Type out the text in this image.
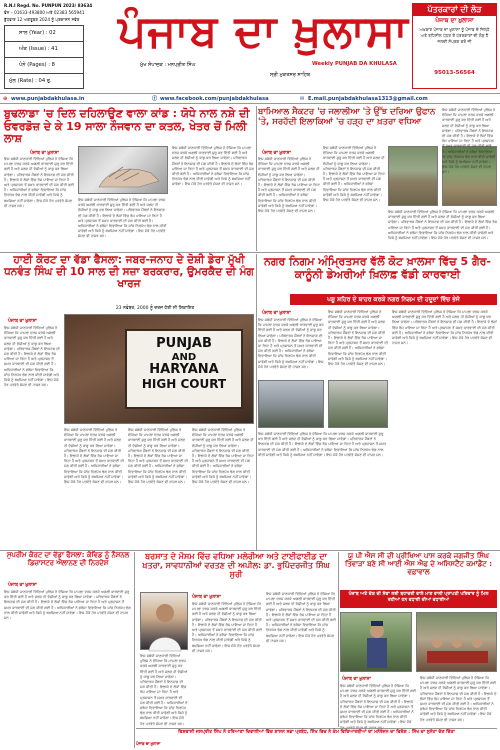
R.N.I Regd. No. PUNPUN 2023/ 83634
ਫੋਨ – 01633-493800 ਅਤੇ 02383 565941
ਬੁੱਧਵਾਰ 12 ਅਕਤੂਬਰ 2024 ਨੂੰ ਪ੍ਰਕਾਸ਼ਨ ਸਵੇਰ
ਸਾਲ (Year) : 02
ਅੰਕ (Issue) : 41
ਪੰਨੇ (Pages) : 8
ਮੁੱਲ (Rate) : 04 ਰੁ.
ਪੰਜਾਬ ਦਾ ਖ਼ੁਲਾਸਾ
ਮੁੱਖ ਸੰਪਾਦਕ : ਮਨਪ੍ਰੀਤ ਸਿੰਘ	Weekly PUNJAB DA KHULASA
ਸ੍ਰੀ ਮੁਕਤਸਰ ਸਾਹਿਬ
ਪੱਤਰਕਾਰਾਂ ਦੀ ਲੋੜ
ਪੰਜਾਬ ਦਾ ਖ਼ੁਲਾਸਾ
ਅਖ਼ਬਾਰ ਪੰਜਾਬ ਦਾ ਖ਼ੁਲਾਸਾ ਨੂੰ ਪੰਜਾਬ ਦੇ ਜ਼ਿਲ੍ਹੇ ਅਤੇ ਤਹਿਸੀਲ ਪੱਧਰ ਤੇ ਪੱਤਰਕਾਰਾਂ ਦੀ ਲੋੜ ਹੈ ਜਲਦੀ ਸੰਪਰਕ ਕਰੋ ਜੀ
95013-56564
⊕ www.punjabdakhulasa.in	ⓕ www.facebook.com/punjabdakhulasa	✉ E.mail.punjabdakhulasa1313@gmail.com
ਬੁਢਲਾਡਾ 'ਚ ਦਿਲ ਦਹਿਲਾਉਣ ਵਾਲਾ ਕਾਂਡ : ਯੋਧੇ ਨਾਲ ਨਸ਼ੇ ਦੀ ਓਵਰਡੋਜ਼ ਦੇ ਕੇ 19 ਸਾਲਾ ਨੌਜਵਾਨ ਦਾ ਕਤਲ, ਖੇਤਰ ਚੋਂ ਮਿਲੀ ਲਾਸ਼
ਪੰਜਾਬ ਦਾ ਖ਼ੁਲਾਸਾ
ਇਸ ਸਬੰਧੀ ਜਾਣਕਾਰੀ ਦਿੰਦਿਆਂ ਪੁਲਿਸ ਨੇ ਦੱਸਿਆ ਕਿ ਮਾਮਲਾ ਦਰਜ ਕਰਕੇ ਅਗਲੀ ਕਾਰਵਾਈ ਸ਼ੁਰੂ ਕਰ ਦਿੱਤੀ ਗਈ ਹੈ ਅਤੇ ਜਲਦ ਹੀ ਦੋਸ਼ੀਆਂ ਨੂੰ ਕਾਬੂ ਕਰ ਲਿਆ ਜਾਵੇਗਾ। ਪਰਿਵਾਰਕ ਮੈਂਬਰਾਂ ਨੇ ਇਨਸਾਫ਼ ਦੀ ਮੰਗ ਕੀਤੀ ਹੈ। ਇਲਾਕੇ ਦੇ ਲੋਕਾਂ ਵਿੱਚ ਰੋਸ ਪਾਇਆ ਜਾ ਰਿਹਾ ਹੈ ਅਤੇ ਪ੍ਰਸ਼ਾਸਨ ਤੋਂ ਸਖ਼ਤ ਕਾਰਵਾਈ ਦੀ ਮੰਗ ਕੀਤੀ ਗਈ ਹੈ। ਅਧਿਕਾਰੀਆਂ ਨੇ ਭਰੋਸਾ ਦਿਵਾਇਆ ਕਿ ਜਾਂਚ ਨਿਰਪੱਖ ਢੰਗ ਨਾਲ ਕੀਤੀ ਜਾਵੇਗੀ ਅਤੇ ਕਿਸੇ ਨੂੰ ਬਖ਼ਸ਼ਿਆ ਨਹੀਂ ਜਾਵੇਗਾ। ਇਸ ਮੌਕੇ ਹੋਰ ਪਤਵੰਤੇ ਸੱਜਣ ਵੀ ਹਾਜ਼ਰ ਸਨ।
ਇਸ ਸਬੰਧੀ ਜਾਣਕਾਰੀ ਦਿੰਦਿਆਂ ਪੁਲਿਸ ਨੇ ਦੱਸਿਆ ਕਿ ਮਾਮਲਾ ਦਰਜ ਕਰਕੇ ਅਗਲੀ ਕਾਰਵਾਈ ਸ਼ੁਰੂ ਕਰ ਦਿੱਤੀ ਗਈ ਹੈ ਅਤੇ ਜਲਦ ਹੀ ਦੋਸ਼ੀਆਂ ਨੂੰ ਕਾਬੂ ਕਰ ਲਿਆ ਜਾਵੇਗਾ। ਪਰਿਵਾਰਕ ਮੈਂਬਰਾਂ ਨੇ ਇਨਸਾਫ਼ ਦੀ ਮੰਗ ਕੀਤੀ ਹੈ। ਇਲਾਕੇ ਦੇ ਲੋਕਾਂ ਵਿੱਚ ਰੋਸ ਪਾਇਆ ਜਾ ਰਿਹਾ ਹੈ ਅਤੇ ਪ੍ਰਸ਼ਾਸਨ ਤੋਂ ਸਖ਼ਤ ਕਾਰਵਾਈ ਦੀ ਮੰਗ ਕੀਤੀ ਗਈ ਹੈ। ਅਧਿਕਾਰੀਆਂ ਨੇ ਭਰੋਸਾ ਦਿਵਾਇਆ ਕਿ ਜਾਂਚ ਨਿਰਪੱਖ ਢੰਗ ਨਾਲ ਕੀਤੀ ਜਾਵੇਗੀ ਅਤੇ ਕਿਸੇ ਨੂੰ ਬਖ਼ਸ਼ਿਆ ਨਹੀਂ ਜਾਵੇਗਾ। ਇਸ ਮੌਕੇ ਹੋਰ ਪਤਵੰਤੇ ਸੱਜਣ ਵੀ ਹਾਜ਼ਰ ਸਨ।
ਇਸ ਸਬੰਧੀ ਜਾਣਕਾਰੀ ਦਿੰਦਿਆਂ ਪੁਲਿਸ ਨੇ ਦੱਸਿਆ ਕਿ ਮਾਮਲਾ ਦਰਜ ਕਰਕੇ ਅਗਲੀ ਕਾਰਵਾਈ ਸ਼ੁਰੂ ਕਰ ਦਿੱਤੀ ਗਈ ਹੈ ਅਤੇ ਜਲਦ ਹੀ ਦੋਸ਼ੀਆਂ ਨੂੰ ਕਾਬੂ ਕਰ ਲਿਆ ਜਾਵੇਗਾ। ਪਰਿਵਾਰਕ ਮੈਂਬਰਾਂ ਨੇ ਇਨਸਾਫ਼ ਦੀ ਮੰਗ ਕੀਤੀ ਹੈ। ਇਲਾਕੇ ਦੇ ਲੋਕਾਂ ਵਿੱਚ ਰੋਸ ਪਾਇਆ ਜਾ ਰਿਹਾ ਹੈ ਅਤੇ ਪ੍ਰਸ਼ਾਸਨ ਤੋਂ ਸਖ਼ਤ ਕਾਰਵਾਈ ਦੀ ਮੰਗ ਕੀਤੀ ਗਈ ਹੈ। ਅਧਿਕਾਰੀਆਂ ਨੇ ਭਰੋਸਾ ਦਿਵਾਇਆ ਕਿ ਜਾਂਚ ਨਿਰਪੱਖ ਢੰਗ ਨਾਲ ਕੀਤੀ ਜਾਵੇਗੀ ਅਤੇ ਕਿਸੇ ਨੂੰ ਬਖ਼ਸ਼ਿਆ ਨਹੀਂ ਜਾਵੇਗਾ। ਇਸ ਮੌਕੇ ਹੋਰ ਪਤਵੰਤੇ ਸੱਜਣ ਵੀ ਹਾਜ਼ਰ ਸਨ।
ਬਾਮਿਆਲ ਸੈਕਟਰ 'ਚ ਜਲਾਲੀਆ 'ਤੇ ਉੱਝ ਦਰਿਆ ਉਫਾਨ 'ਤੇ, ਸਰਹੱਦੀ ਇਲਾਕਿਆਂ 'ਚ ਹੜ੍ਹ ਦਾ ਖ਼ਤਰਾ ਵਧਿਆ
ਪੰਜਾਬ ਦਾ ਖ਼ੁਲਾਸਾ
ਇਸ ਸਬੰਧੀ ਜਾਣਕਾਰੀ ਦਿੰਦਿਆਂ ਪੁਲਿਸ ਨੇ ਦੱਸਿਆ ਕਿ ਮਾਮਲਾ ਦਰਜ ਕਰਕੇ ਅਗਲੀ ਕਾਰਵਾਈ ਸ਼ੁਰੂ ਕਰ ਦਿੱਤੀ ਗਈ ਹੈ ਅਤੇ ਜਲਦ ਹੀ ਦੋਸ਼ੀਆਂ ਨੂੰ ਕਾਬੂ ਕਰ ਲਿਆ ਜਾਵੇਗਾ। ਪਰਿਵਾਰਕ ਮੈਂਬਰਾਂ ਨੇ ਇਨਸਾਫ਼ ਦੀ ਮੰਗ ਕੀਤੀ ਹੈ। ਇਲਾਕੇ ਦੇ ਲੋਕਾਂ ਵਿੱਚ ਰੋਸ ਪਾਇਆ ਜਾ ਰਿਹਾ ਹੈ ਅਤੇ ਪ੍ਰਸ਼ਾਸਨ ਤੋਂ ਸਖ਼ਤ ਕਾਰਵਾਈ ਦੀ ਮੰਗ ਕੀਤੀ ਗਈ ਹੈ। ਅਧਿਕਾਰੀਆਂ ਨੇ ਭਰੋਸਾ ਦਿਵਾਇਆ ਕਿ ਜਾਂਚ ਨਿਰਪੱਖ ਢੰਗ ਨਾਲ ਕੀਤੀ ਜਾਵੇਗੀ ਅਤੇ ਕਿਸੇ ਨੂੰ ਬਖ਼ਸ਼ਿਆ ਨਹੀਂ ਜਾਵੇਗਾ। ਇਸ ਮੌਕੇ ਹੋਰ ਪਤਵੰਤੇ ਸੱਜਣ ਵੀ ਹਾਜ਼ਰ ਸਨ।
ਇਸ ਸਬੰਧੀ ਜਾਣਕਾਰੀ ਦਿੰਦਿਆਂ ਪੁਲਿਸ ਨੇ ਦੱਸਿਆ ਕਿ ਮਾਮਲਾ ਦਰਜ ਕਰਕੇ ਅਗਲੀ ਕਾਰਵਾਈ ਸ਼ੁਰੂ ਕਰ ਦਿੱਤੀ ਗਈ ਹੈ ਅਤੇ ਜਲਦ ਹੀ ਦੋਸ਼ੀਆਂ ਨੂੰ ਕਾਬੂ ਕਰ ਲਿਆ ਜਾਵੇਗਾ। ਪਰਿਵਾਰਕ ਮੈਂਬਰਾਂ ਨੇ ਇਨਸਾਫ਼ ਦੀ ਮੰਗ ਕੀਤੀ ਹੈ। ਇਲਾਕੇ ਦੇ ਲੋਕਾਂ ਵਿੱਚ ਰੋਸ ਪਾਇਆ ਜਾ ਰਿਹਾ ਹੈ ਅਤੇ ਪ੍ਰਸ਼ਾਸਨ ਤੋਂ ਸਖ਼ਤ ਕਾਰਵਾਈ ਦੀ ਮੰਗ ਕੀਤੀ ਗਈ ਹੈ। ਅਧਿਕਾਰੀਆਂ ਨੇ ਭਰੋਸਾ ਦਿਵਾਇਆ ਕਿ ਜਾਂਚ ਨਿਰਪੱਖ ਢੰਗ ਨਾਲ ਕੀਤੀ ਜਾਵੇਗੀ ਅਤੇ ਕਿਸੇ ਨੂੰ ਬਖ਼ਸ਼ਿਆ ਨਹੀਂ ਜਾਵੇਗਾ। ਇਸ ਮੌਕੇ ਹੋਰ ਪਤਵੰਤੇ ਸੱਜਣ ਵੀ ਹਾਜ਼ਰ ਸਨ।
ਇਸ ਸਬੰਧੀ ਜਾਣਕਾਰੀ ਦਿੰਦਿਆਂ ਪੁਲਿਸ ਨੇ ਦੱਸਿਆ ਕਿ ਮਾਮਲਾ ਦਰਜ ਕਰਕੇ ਅਗਲੀ ਕਾਰਵਾਈ ਸ਼ੁਰੂ ਕਰ ਦਿੱਤੀ ਗਈ ਹੈ ਅਤੇ ਜਲਦ ਹੀ ਦੋਸ਼ੀਆਂ ਨੂੰ ਕਾਬੂ ਕਰ ਲਿਆ ਜਾਵੇਗਾ। ਪਰਿਵਾਰਕ ਮੈਂਬਰਾਂ ਨੇ ਇਨਸਾਫ਼ ਦੀ ਮੰਗ ਕੀਤੀ ਹੈ। ਇਲਾਕੇ ਦੇ ਲੋਕਾਂ ਵਿੱਚ ਰੋਸ ਪਾਇਆ ਜਾ ਰਿਹਾ ਹੈ ਅਤੇ ਪ੍ਰਸ਼ਾਸਨ ਤੋਂ ਸਖ਼ਤ ਕਾਰਵਾਈ ਦੀ ਮੰਗ ਕੀਤੀ ਗਈ ਹੈ। ਅਧਿਕਾਰੀਆਂ ਨੇ ਭਰੋਸਾ ਦਿਵਾਇਆ ਕਿ ਜਾਂਚ ਨਿਰਪੱਖ ਢੰਗ ਨਾਲ ਕੀਤੀ ਜਾਵੇਗੀ ਅਤੇ ਕਿਸੇ ਨੂੰ ਬਖ਼ਸ਼ਿਆ ਨਹੀਂ ਜਾਵੇਗਾ। ਇਸ ਮੌਕੇ ਹੋਰ ਪਤਵੰਤੇ ਸੱਜਣ ਵੀ ਹਾਜ਼ਰ ਸਨ।
ਇਸ ਸਬੰਧੀ ਜਾਣਕਾਰੀ ਦਿੰਦਿਆਂ ਪੁਲਿਸ ਨੇ ਦੱਸਿਆ ਕਿ ਮਾਮਲਾ ਦਰਜ ਕਰਕੇ ਅਗਲੀ ਕਾਰਵਾਈ ਸ਼ੁਰੂ ਕਰ ਦਿੱਤੀ ਗਈ ਹੈ ਅਤੇ ਜਲਦ ਹੀ ਦੋਸ਼ੀਆਂ ਨੂੰ ਕਾਬੂ ਕਰ ਲਿਆ ਜਾਵੇਗਾ। ਪਰਿਵਾਰਕ ਮੈਂਬਰਾਂ ਨੇ ਇਨਸਾਫ਼ ਦੀ ਮੰਗ ਕੀਤੀ ਹੈ। ਇਲਾਕੇ ਦੇ ਲੋਕਾਂ ਵਿੱਚ ਰੋਸ ਪਾਇਆ ਜਾ ਰਿਹਾ ਹੈ ਅਤੇ ਪ੍ਰਸ਼ਾਸਨ ਤੋਂ ਸਖ਼ਤ ਕਾਰਵਾਈ ਦੀ ਮੰਗ ਕੀਤੀ ਗਈ ਹੈ। ਅਧਿਕਾਰੀਆਂ ਨੇ ਭਰੋਸਾ ਦਿਵਾਇਆ ਕਿ ਜਾਂਚ ਨਿਰਪੱਖ ਢੰਗ ਨਾਲ ਕੀਤੀ ਜਾਵੇਗੀ ਅਤੇ ਕਿਸੇ ਨੂੰ ਬਖ਼ਸ਼ਿਆ ਨਹੀਂ ਜਾਵੇਗਾ। ਇਸ ਮੌਕੇ ਹੋਰ ਪਤਵੰਤੇ ਸੱਜਣ ਵੀ ਹਾਜ਼ਰ ਸਨ।
ਹਾਈ ਕੋਰਟ ਦਾ ਵੱਡਾ ਫੈਸਲਾ: ਜਬਰ-ਜਨਾਹ ਦੇ ਦੋਸ਼ੀ ਡੇਰਾ ਮੁੱਖੀ ਧਨਵੰਤ ਸਿੰਘ ਦੀ 10 ਸਾਲ ਦੀ ਸਜ਼ਾ ਬਰਕਰਾਰ, ਉਮਰਕੈਦ ਦੀ ਮੰਗ ਖਾਰਜ
23 ਨਵੰਬਰ, 2000 ਨੂੰ ਦਰਜ ਹੋਈ ਸੀ ਸ਼ਿਕਾਇਤ
ਪੰਜਾਬ ਦਾ ਖ਼ੁਲਾਸਾ
ਇਸ ਸਬੰਧੀ ਜਾਣਕਾਰੀ ਦਿੰਦਿਆਂ ਪੁਲਿਸ ਨੇ ਦੱਸਿਆ ਕਿ ਮਾਮਲਾ ਦਰਜ ਕਰਕੇ ਅਗਲੀ ਕਾਰਵਾਈ ਸ਼ੁਰੂ ਕਰ ਦਿੱਤੀ ਗਈ ਹੈ ਅਤੇ ਜਲਦ ਹੀ ਦੋਸ਼ੀਆਂ ਨੂੰ ਕਾਬੂ ਕਰ ਲਿਆ ਜਾਵੇਗਾ। ਪਰਿਵਾਰਕ ਮੈਂਬਰਾਂ ਨੇ ਇਨਸਾਫ਼ ਦੀ ਮੰਗ ਕੀਤੀ ਹੈ। ਇਲਾਕੇ ਦੇ ਲੋਕਾਂ ਵਿੱਚ ਰੋਸ ਪਾਇਆ ਜਾ ਰਿਹਾ ਹੈ ਅਤੇ ਪ੍ਰਸ਼ਾਸਨ ਤੋਂ ਸਖ਼ਤ ਕਾਰਵਾਈ ਦੀ ਮੰਗ ਕੀਤੀ ਗਈ ਹੈ। ਅਧਿਕਾਰੀਆਂ ਨੇ ਭਰੋਸਾ ਦਿਵਾਇਆ ਕਿ ਜਾਂਚ ਨਿਰਪੱਖ ਢੰਗ ਨਾਲ ਕੀਤੀ ਜਾਵੇਗੀ ਅਤੇ ਕਿਸੇ ਨੂੰ ਬਖ਼ਸ਼ਿਆ ਨਹੀਂ ਜਾਵੇਗਾ। ਇਸ ਮੌਕੇ ਹੋਰ ਪਤਵੰਤੇ ਸੱਜਣ ਵੀ ਹਾਜ਼ਰ ਸਨ।
PUNJAB
AND
HARYANA
HIGH COURT
ਇਸ ਸਬੰਧੀ ਜਾਣਕਾਰੀ ਦਿੰਦਿਆਂ ਪੁਲਿਸ ਨੇ ਦੱਸਿਆ ਕਿ ਮਾਮਲਾ ਦਰਜ ਕਰਕੇ ਅਗਲੀ ਕਾਰਵਾਈ ਸ਼ੁਰੂ ਕਰ ਦਿੱਤੀ ਗਈ ਹੈ ਅਤੇ ਜਲਦ ਹੀ ਦੋਸ਼ੀਆਂ ਨੂੰ ਕਾਬੂ ਕਰ ਲਿਆ ਜਾਵੇਗਾ। ਪਰਿਵਾਰਕ ਮੈਂਬਰਾਂ ਨੇ ਇਨਸਾਫ਼ ਦੀ ਮੰਗ ਕੀਤੀ ਹੈ। ਇਲਾਕੇ ਦੇ ਲੋਕਾਂ ਵਿੱਚ ਰੋਸ ਪਾਇਆ ਜਾ ਰਿਹਾ ਹੈ ਅਤੇ ਪ੍ਰਸ਼ਾਸਨ ਤੋਂ ਸਖ਼ਤ ਕਾਰਵਾਈ ਦੀ ਮੰਗ ਕੀਤੀ ਗਈ ਹੈ। ਅਧਿਕਾਰੀਆਂ ਨੇ ਭਰੋਸਾ ਦਿਵਾਇਆ ਕਿ ਜਾਂਚ ਨਿਰਪੱਖ ਢੰਗ ਨਾਲ ਕੀਤੀ ਜਾਵੇਗੀ ਅਤੇ ਕਿਸੇ ਨੂੰ ਬਖ਼ਸ਼ਿਆ ਨਹੀਂ ਜਾਵੇਗਾ। ਇਸ ਮੌਕੇ ਹੋਰ ਪਤਵੰਤੇ ਸੱਜਣ ਵੀ ਹਾਜ਼ਰ ਸਨ।
ਇਸ ਸਬੰਧੀ ਜਾਣਕਾਰੀ ਦਿੰਦਿਆਂ ਪੁਲਿਸ ਨੇ ਦੱਸਿਆ ਕਿ ਮਾਮਲਾ ਦਰਜ ਕਰਕੇ ਅਗਲੀ ਕਾਰਵਾਈ ਸ਼ੁਰੂ ਕਰ ਦਿੱਤੀ ਗਈ ਹੈ ਅਤੇ ਜਲਦ ਹੀ ਦੋਸ਼ੀਆਂ ਨੂੰ ਕਾਬੂ ਕਰ ਲਿਆ ਜਾਵੇਗਾ। ਪਰਿਵਾਰਕ ਮੈਂਬਰਾਂ ਨੇ ਇਨਸਾਫ਼ ਦੀ ਮੰਗ ਕੀਤੀ ਹੈ। ਇਲਾਕੇ ਦੇ ਲੋਕਾਂ ਵਿੱਚ ਰੋਸ ਪਾਇਆ ਜਾ ਰਿਹਾ ਹੈ ਅਤੇ ਪ੍ਰਸ਼ਾਸਨ ਤੋਂ ਸਖ਼ਤ ਕਾਰਵਾਈ ਦੀ ਮੰਗ ਕੀਤੀ ਗਈ ਹੈ। ਅਧਿਕਾਰੀਆਂ ਨੇ ਭਰੋਸਾ ਦਿਵਾਇਆ ਕਿ ਜਾਂਚ ਨਿਰਪੱਖ ਢੰਗ ਨਾਲ ਕੀਤੀ ਜਾਵੇਗੀ ਅਤੇ ਕਿਸੇ ਨੂੰ ਬਖ਼ਸ਼ਿਆ ਨਹੀਂ ਜਾਵੇਗਾ। ਇਸ ਮੌਕੇ ਹੋਰ ਪਤਵੰਤੇ ਸੱਜਣ ਵੀ ਹਾਜ਼ਰ ਸਨ।
ਇਸ ਸਬੰਧੀ ਜਾਣਕਾਰੀ ਦਿੰਦਿਆਂ ਪੁਲਿਸ ਨੇ ਦੱਸਿਆ ਕਿ ਮਾਮਲਾ ਦਰਜ ਕਰਕੇ ਅਗਲੀ ਕਾਰਵਾਈ ਸ਼ੁਰੂ ਕਰ ਦਿੱਤੀ ਗਈ ਹੈ ਅਤੇ ਜਲਦ ਹੀ ਦੋਸ਼ੀਆਂ ਨੂੰ ਕਾਬੂ ਕਰ ਲਿਆ ਜਾਵੇਗਾ। ਪਰਿਵਾਰਕ ਮੈਂਬਰਾਂ ਨੇ ਇਨਸਾਫ਼ ਦੀ ਮੰਗ ਕੀਤੀ ਹੈ। ਇਲਾਕੇ ਦੇ ਲੋਕਾਂ ਵਿੱਚ ਰੋਸ ਪਾਇਆ ਜਾ ਰਿਹਾ ਹੈ ਅਤੇ ਪ੍ਰਸ਼ਾਸਨ ਤੋਂ ਸਖ਼ਤ ਕਾਰਵਾਈ ਦੀ ਮੰਗ ਕੀਤੀ ਗਈ ਹੈ। ਅਧਿਕਾਰੀਆਂ ਨੇ ਭਰੋਸਾ ਦਿਵਾਇਆ ਕਿ ਜਾਂਚ ਨਿਰਪੱਖ ਢੰਗ ਨਾਲ ਕੀਤੀ ਜਾਵੇਗੀ ਅਤੇ ਕਿਸੇ ਨੂੰ ਬਖ਼ਸ਼ਿਆ ਨਹੀਂ ਜਾਵੇਗਾ। ਇਸ ਮੌਕੇ ਹੋਰ ਪਤਵੰਤੇ ਸੱਜਣ ਵੀ ਹਾਜ਼ਰ ਸਨ।
ਨਗਰ ਨਿਗਮ ਅੰਮ੍ਰਿਤਸਰ ਵੱਲੋਂ ਕੋਟ ਖ਼ਾਲਸਾ ਵਿੱਚ 5 ਗੈਰ-ਕਾਨੂੰਨੀ ਡੇਅਰੀਆਂ ਖ਼ਿਲਾਫ਼ ਵੱਡੀ ਕਾਰਵਾਈ
ਪਸ਼ੂ ਸ਼ਹਿਰ ਦੇ ਬਾਹਰ ਕਰਕੇ ਨਗਰ ਨਿਗਮ ਦੀ ਹਦੂਦਾਂ ਵਿੱਚ ਭੇਜੋ
ਪੰਜਾਬ ਦਾ ਖ਼ੁਲਾਸਾ
ਇਸ ਸਬੰਧੀ ਜਾਣਕਾਰੀ ਦਿੰਦਿਆਂ ਪੁਲਿਸ ਨੇ ਦੱਸਿਆ ਕਿ ਮਾਮਲਾ ਦਰਜ ਕਰਕੇ ਅਗਲੀ ਕਾਰਵਾਈ ਸ਼ੁਰੂ ਕਰ ਦਿੱਤੀ ਗਈ ਹੈ ਅਤੇ ਜਲਦ ਹੀ ਦੋਸ਼ੀਆਂ ਨੂੰ ਕਾਬੂ ਕਰ ਲਿਆ ਜਾਵੇਗਾ। ਪਰਿਵਾਰਕ ਮੈਂਬਰਾਂ ਨੇ ਇਨਸਾਫ਼ ਦੀ ਮੰਗ ਕੀਤੀ ਹੈ। ਇਲਾਕੇ ਦੇ ਲੋਕਾਂ ਵਿੱਚ ਰੋਸ ਪਾਇਆ ਜਾ ਰਿਹਾ ਹੈ ਅਤੇ ਪ੍ਰਸ਼ਾਸਨ ਤੋਂ ਸਖ਼ਤ ਕਾਰਵਾਈ ਦੀ ਮੰਗ ਕੀਤੀ ਗਈ ਹੈ। ਅਧਿਕਾਰੀਆਂ ਨੇ ਭਰੋਸਾ ਦਿਵਾਇਆ ਕਿ ਜਾਂਚ ਨਿਰਪੱਖ ਢੰਗ ਨਾਲ ਕੀਤੀ ਜਾਵੇਗੀ ਅਤੇ ਕਿਸੇ ਨੂੰ ਬਖ਼ਸ਼ਿਆ ਨਹੀਂ ਜਾਵੇਗਾ। ਇਸ ਮੌਕੇ ਹੋਰ ਪਤਵੰਤੇ ਸੱਜਣ ਵੀ ਹਾਜ਼ਰ ਸਨ।
ਇਸ ਸਬੰਧੀ ਜਾਣਕਾਰੀ ਦਿੰਦਿਆਂ ਪੁਲਿਸ ਨੇ ਦੱਸਿਆ ਕਿ ਮਾਮਲਾ ਦਰਜ ਕਰਕੇ ਅਗਲੀ ਕਾਰਵਾਈ ਸ਼ੁਰੂ ਕਰ ਦਿੱਤੀ ਗਈ ਹੈ ਅਤੇ ਜਲਦ ਹੀ ਦੋਸ਼ੀਆਂ ਨੂੰ ਕਾਬੂ ਕਰ ਲਿਆ ਜਾਵੇਗਾ। ਪਰਿਵਾਰਕ ਮੈਂਬਰਾਂ ਨੇ ਇਨਸਾਫ਼ ਦੀ ਮੰਗ ਕੀਤੀ ਹੈ। ਇਲਾਕੇ ਦੇ ਲੋਕਾਂ ਵਿੱਚ ਰੋਸ ਪਾਇਆ ਜਾ ਰਿਹਾ ਹੈ ਅਤੇ ਪ੍ਰਸ਼ਾਸਨ ਤੋਂ ਸਖ਼ਤ ਕਾਰਵਾਈ ਦੀ ਮੰਗ ਕੀਤੀ ਗਈ ਹੈ। ਅਧਿਕਾਰੀਆਂ ਨੇ ਭਰੋਸਾ ਦਿਵਾਇਆ ਕਿ ਜਾਂਚ ਨਿਰਪੱਖ ਢੰਗ ਨਾਲ ਕੀਤੀ ਜਾਵੇਗੀ ਅਤੇ ਕਿਸੇ ਨੂੰ ਬਖ਼ਸ਼ਿਆ ਨਹੀਂ ਜਾਵੇਗਾ। ਇਸ ਮੌਕੇ ਹੋਰ ਪਤਵੰਤੇ ਸੱਜਣ ਵੀ ਹਾਜ਼ਰ ਸਨ।
ਇਸ ਸਬੰਧੀ ਜਾਣਕਾਰੀ ਦਿੰਦਿਆਂ ਪੁਲਿਸ ਨੇ ਦੱਸਿਆ ਕਿ ਮਾਮਲਾ ਦਰਜ ਕਰਕੇ ਅਗਲੀ ਕਾਰਵਾਈ ਸ਼ੁਰੂ ਕਰ ਦਿੱਤੀ ਗਈ ਹੈ ਅਤੇ ਜਲਦ ਹੀ ਦੋਸ਼ੀਆਂ ਨੂੰ ਕਾਬੂ ਕਰ ਲਿਆ ਜਾਵੇਗਾ। ਪਰਿਵਾਰਕ ਮੈਂਬਰਾਂ ਨੇ ਇਨਸਾਫ਼ ਦੀ ਮੰਗ ਕੀਤੀ ਹੈ। ਇਲਾਕੇ ਦੇ ਲੋਕਾਂ ਵਿੱਚ ਰੋਸ ਪਾਇਆ ਜਾ ਰਿਹਾ ਹੈ ਅਤੇ ਪ੍ਰਸ਼ਾਸਨ ਤੋਂ ਸਖ਼ਤ ਕਾਰਵਾਈ ਦੀ ਮੰਗ ਕੀਤੀ ਗਈ ਹੈ। ਅਧਿਕਾਰੀਆਂ ਨੇ ਭਰੋਸਾ ਦਿਵਾਇਆ ਕਿ ਜਾਂਚ ਨਿਰਪੱਖ ਢੰਗ ਨਾਲ ਕੀਤੀ ਜਾਵੇਗੀ ਅਤੇ ਕਿਸੇ ਨੂੰ ਬਖ਼ਸ਼ਿਆ ਨਹੀਂ ਜਾਵੇਗਾ। ਇਸ ਮੌਕੇ ਹੋਰ ਪਤਵੰਤੇ ਸੱਜਣ ਵੀ ਹਾਜ਼ਰ ਸਨ।
ਇਸ ਸਬੰਧੀ ਜਾਣਕਾਰੀ ਦਿੰਦਿਆਂ ਪੁਲਿਸ ਨੇ ਦੱਸਿਆ ਕਿ ਮਾਮਲਾ ਦਰਜ ਕਰਕੇ ਅਗਲੀ ਕਾਰਵਾਈ ਸ਼ੁਰੂ ਕਰ ਦਿੱਤੀ ਗਈ ਹੈ ਅਤੇ ਜਲਦ ਹੀ ਦੋਸ਼ੀਆਂ ਨੂੰ ਕਾਬੂ ਕਰ ਲਿਆ ਜਾਵੇਗਾ। ਪਰਿਵਾਰਕ ਮੈਂਬਰਾਂ ਨੇ ਇਨਸਾਫ਼ ਦੀ ਮੰਗ ਕੀਤੀ ਹੈ। ਇਲਾਕੇ ਦੇ ਲੋਕਾਂ ਵਿੱਚ ਰੋਸ ਪਾਇਆ ਜਾ ਰਿਹਾ ਹੈ ਅਤੇ ਪ੍ਰਸ਼ਾਸਨ ਤੋਂ ਸਖ਼ਤ ਕਾਰਵਾਈ ਦੀ ਮੰਗ ਕੀਤੀ ਗਈ ਹੈ। ਅਧਿਕਾਰੀਆਂ ਨੇ ਭਰੋਸਾ ਦਿਵਾਇਆ ਕਿ ਜਾਂਚ ਨਿਰਪੱਖ ਢੰਗ ਨਾਲ ਕੀਤੀ ਜਾਵੇਗੀ ਅਤੇ ਕਿਸੇ ਨੂੰ ਬਖ਼ਸ਼ਿਆ ਨਹੀਂ ਜਾਵੇਗਾ। ਇਸ ਮੌਕੇ ਹੋਰ ਪਤਵੰਤੇ ਸੱਜਣ ਵੀ ਹਾਜ਼ਰ ਸਨ।
ਸੁਪਰੀਮ ਕੋਰਟ ਦਾ ਵੱਡਾ ਫੈਸਲਾ: ਕੋਵਿਡ ਨੂੰ ਨੈਸ਼ਨਲ ਡਿਜ਼ਾਸਟਰ ਐਲਾਨਣ ਦੀ ਨਿਰਦੇਸ਼
ਪੰਜਾਬ ਦਾ ਖ਼ੁਲਾਸਾ
ਇਸ ਸਬੰਧੀ ਜਾਣਕਾਰੀ ਦਿੰਦਿਆਂ ਪੁਲਿਸ ਨੇ ਦੱਸਿਆ ਕਿ ਮਾਮਲਾ ਦਰਜ ਕਰਕੇ ਅਗਲੀ ਕਾਰਵਾਈ ਸ਼ੁਰੂ ਕਰ ਦਿੱਤੀ ਗਈ ਹੈ ਅਤੇ ਜਲਦ ਹੀ ਦੋਸ਼ੀਆਂ ਨੂੰ ਕਾਬੂ ਕਰ ਲਿਆ ਜਾਵੇਗਾ। ਪਰਿਵਾਰਕ ਮੈਂਬਰਾਂ ਨੇ ਇਨਸਾਫ਼ ਦੀ ਮੰਗ ਕੀਤੀ ਹੈ। ਇਲਾਕੇ ਦੇ ਲੋਕਾਂ ਵਿੱਚ ਰੋਸ ਪਾਇਆ ਜਾ ਰਿਹਾ ਹੈ ਅਤੇ ਪ੍ਰਸ਼ਾਸਨ ਤੋਂ ਸਖ਼ਤ ਕਾਰਵਾਈ ਦੀ ਮੰਗ ਕੀਤੀ ਗਈ ਹੈ। ਅਧਿਕਾਰੀਆਂ ਨੇ ਭਰੋਸਾ ਦਿਵਾਇਆ ਕਿ ਜਾਂਚ ਨਿਰਪੱਖ ਢੰਗ ਨਾਲ ਕੀਤੀ ਜਾਵੇਗੀ ਅਤੇ ਕਿਸੇ ਨੂੰ ਬਖ਼ਸ਼ਿਆ ਨਹੀਂ ਜਾਵੇਗਾ। ਇਸ ਮੌਕੇ ਹੋਰ ਪਤਵੰਤੇ ਸੱਜਣ ਵੀ ਹਾਜ਼ਰ ਸਨ।
ਬਰਸਾਤ ਦੇ ਮੌਸਮ ਵਿੱਚ ਵਧਿਆ ਮਲੇਰੀਆ ਅਤੇ ਟਾਈਫਾਈਡ ਦਾ ਖ਼ਤਰਾ, ਸਾਵਧਾਨੀਆਂ ਵਰਤਣ ਦੀ ਅਪੀਲ: ਡਾ. ਭੁਪਿੰਦਰਜੀਤ ਸਿੰਘ ਸੁਰੀ
ਪੰਜਾਬ ਦਾ ਖ਼ੁਲਾਸਾ
ਇਸ ਸਬੰਧੀ ਜਾਣਕਾਰੀ ਦਿੰਦਿਆਂ ਪੁਲਿਸ ਨੇ ਦੱਸਿਆ ਕਿ ਮਾਮਲਾ ਦਰਜ ਕਰਕੇ ਅਗਲੀ ਕਾਰਵਾਈ ਸ਼ੁਰੂ ਕਰ ਦਿੱਤੀ ਗਈ ਹੈ ਅਤੇ ਜਲਦ ਹੀ ਦੋਸ਼ੀਆਂ ਨੂੰ ਕਾਬੂ ਕਰ ਲਿਆ ਜਾਵੇਗਾ। ਪਰਿਵਾਰਕ ਮੈਂਬਰਾਂ ਨੇ ਇਨਸਾਫ਼ ਦੀ ਮੰਗ ਕੀਤੀ ਹੈ। ਇਲਾਕੇ ਦੇ ਲੋਕਾਂ ਵਿੱਚ ਰੋਸ ਪਾਇਆ ਜਾ ਰਿਹਾ ਹੈ ਅਤੇ ਪ੍ਰਸ਼ਾਸਨ ਤੋਂ ਸਖ਼ਤ ਕਾਰਵਾਈ ਦੀ ਮੰਗ ਕੀਤੀ ਗਈ ਹੈ। ਅਧਿਕਾਰੀਆਂ ਨੇ ਭਰੋਸਾ ਦਿਵਾਇਆ ਕਿ ਜਾਂਚ ਨਿਰਪੱਖ ਢੰਗ ਨਾਲ ਕੀਤੀ ਜਾਵੇਗੀ ਅਤੇ ਕਿਸੇ ਨੂੰ ਬਖ਼ਸ਼ਿਆ ਨਹੀਂ ਜਾਵੇਗਾ। ਇਸ ਮੌਕੇ ਹੋਰ ਪਤਵੰਤੇ ਸੱਜਣ ਵੀ ਹਾਜ਼ਰ ਸਨ।
ਇਸ ਸਬੰਧੀ ਜਾਣਕਾਰੀ ਦਿੰਦਿਆਂ ਪੁਲਿਸ ਨੇ ਦੱਸਿਆ ਕਿ ਮਾਮਲਾ ਦਰਜ ਕਰਕੇ ਅਗਲੀ ਕਾਰਵਾਈ ਸ਼ੁਰੂ ਕਰ ਦਿੱਤੀ ਗਈ ਹੈ ਅਤੇ ਜਲਦ ਹੀ ਦੋਸ਼ੀਆਂ ਨੂੰ ਕਾਬੂ ਕਰ ਲਿਆ ਜਾਵੇਗਾ। ਪਰਿਵਾਰਕ ਮੈਂਬਰਾਂ ਨੇ ਇਨਸਾਫ਼ ਦੀ ਮੰਗ ਕੀਤੀ ਹੈ। ਇਲਾਕੇ ਦੇ ਲੋਕਾਂ ਵਿੱਚ ਰੋਸ ਪਾਇਆ ਜਾ ਰਿਹਾ ਹੈ ਅਤੇ ਪ੍ਰਸ਼ਾਸਨ ਤੋਂ ਸਖ਼ਤ ਕਾਰਵਾਈ ਦੀ ਮੰਗ ਕੀਤੀ ਗਈ ਹੈ। ਅਧਿਕਾਰੀਆਂ ਨੇ ਭਰੋਸਾ ਦਿਵਾਇਆ ਕਿ ਜਾਂਚ ਨਿਰਪੱਖ ਢੰਗ ਨਾਲ ਕੀਤੀ ਜਾਵੇਗੀ ਅਤੇ ਕਿਸੇ ਨੂੰ ਬਖ਼ਸ਼ਿਆ ਨਹੀਂ ਜਾਵੇਗਾ। ਇਸ ਮੌਕੇ ਹੋਰ ਪਤਵੰਤੇ ਸੱਜਣ ਵੀ ਹਾਜ਼ਰ ਸਨ।
ਇਸ ਸਬੰਧੀ ਜਾਣਕਾਰੀ ਦਿੰਦਿਆਂ ਪੁਲਿਸ ਨੇ ਦੱਸਿਆ ਕਿ ਮਾਮਲਾ ਦਰਜ ਕਰਕੇ ਅਗਲੀ ਕਾਰਵਾਈ ਸ਼ੁਰੂ ਕਰ ਦਿੱਤੀ ਗਈ ਹੈ ਅਤੇ ਜਲਦ ਹੀ ਦੋਸ਼ੀਆਂ ਨੂੰ ਕਾਬੂ ਕਰ ਲਿਆ ਜਾਵੇਗਾ। ਪਰਿਵਾਰਕ ਮੈਂਬਰਾਂ ਨੇ ਇਨਸਾਫ਼ ਦੀ ਮੰਗ ਕੀਤੀ ਹੈ। ਇਲਾਕੇ ਦੇ ਲੋਕਾਂ ਵਿੱਚ ਰੋਸ ਪਾਇਆ ਜਾ ਰਿਹਾ ਹੈ ਅਤੇ ਪ੍ਰਸ਼ਾਸਨ ਤੋਂ ਸਖ਼ਤ ਕਾਰਵਾਈ ਦੀ ਮੰਗ ਕੀਤੀ ਗਈ ਹੈ। ਅਧਿਕਾਰੀਆਂ ਨੇ ਭਰੋਸਾ ਦਿਵਾਇਆ ਕਿ ਜਾਂਚ ਨਿਰਪੱਖ ਢੰਗ ਨਾਲ ਕੀਤੀ ਜਾਵੇਗੀ ਅਤੇ ਕਿਸੇ ਨੂੰ ਬਖ਼ਸ਼ਿਆ ਨਹੀਂ ਜਾਵੇਗਾ। ਇਸ ਮੌਕੇ ਹੋਰ ਪਤਵੰਤੇ ਸੱਜਣ ਵੀ ਹਾਜ਼ਰ ਸਨ।
ਯੂ ਪੀ ਐਸ ਸੀ ਦੀ ਪ੍ਰੀਖਿਆ ਪਾਸ ਕਰਕੇ ਜਗਜੀਤ ਸਿੰਘ ਤਿਵਾੜਾ ਬਣੇ ਸੀ ਆਈ ਐਸ ਐਫ ਦੇ ਅਸਿਸਟੈਂਟ ਕਮਾਂਡੈਂਟ : ਵਫ਼ਾਵਾਲ
ਪੰਜਾਬ ਅਤੇ ਦੇਸ਼ ਦੀ ਸੇਵਾ ਲਈ ਬਹਾਦਰੀ ਵਾਲੇ ਮਾਣ ਵਾਲੀ ਪ੍ਰਾਪਤੀ ਪਰਿਵਾਰ ਨੂੰ ਮਿਲ ਰਹੀਆਂ ਹਨ ਵਧਾਈ ਦੀਆਂ ਵਧਾਈਆਂ
ਪੰਜਾਬ ਦਾ ਖ਼ੁਲਾਸਾ
ਇਸ ਸਬੰਧੀ ਜਾਣਕਾਰੀ ਦਿੰਦਿਆਂ ਪੁਲਿਸ ਨੇ ਦੱਸਿਆ ਕਿ ਮਾਮਲਾ ਦਰਜ ਕਰਕੇ ਅਗਲੀ ਕਾਰਵਾਈ ਸ਼ੁਰੂ ਕਰ ਦਿੱਤੀ ਗਈ ਹੈ ਅਤੇ ਜਲਦ ਹੀ ਦੋਸ਼ੀਆਂ ਨੂੰ ਕਾਬੂ ਕਰ ਲਿਆ ਜਾਵੇਗਾ। ਪਰਿਵਾਰਕ ਮੈਂਬਰਾਂ ਨੇ ਇਨਸਾਫ਼ ਦੀ ਮੰਗ ਕੀਤੀ ਹੈ। ਇਲਾਕੇ ਦੇ ਲੋਕਾਂ ਵਿੱਚ ਰੋਸ ਪਾਇਆ ਜਾ ਰਿਹਾ ਹੈ ਅਤੇ ਪ੍ਰਸ਼ਾਸਨ ਤੋਂ ਸਖ਼ਤ ਕਾਰਵਾਈ ਦੀ ਮੰਗ ਕੀਤੀ ਗਈ ਹੈ। ਅਧਿਕਾਰੀਆਂ ਨੇ ਭਰੋਸਾ ਦਿਵਾਇਆ ਕਿ ਜਾਂਚ ਨਿਰਪੱਖ ਢੰਗ ਨਾਲ ਕੀਤੀ ਜਾਵੇਗੀ ਅਤੇ ਕਿਸੇ ਨੂੰ ਬਖ਼ਸ਼ਿਆ ਨਹੀਂ ਜਾਵੇਗਾ। ਇਸ ਮੌਕੇ ਹੋਰ ਪਤਵੰਤੇ ਸੱਜਣ ਵੀ ਹਾਜ਼ਰ ਸਨ।
ਇਸ ਸਬੰਧੀ ਜਾਣਕਾਰੀ ਦਿੰਦਿਆਂ ਪੁਲਿਸ ਨੇ ਦੱਸਿਆ ਕਿ ਮਾਮਲਾ ਦਰਜ ਕਰਕੇ ਅਗਲੀ ਕਾਰਵਾਈ ਸ਼ੁਰੂ ਕਰ ਦਿੱਤੀ ਗਈ ਹੈ ਅਤੇ ਜਲਦ ਹੀ ਦੋਸ਼ੀਆਂ ਨੂੰ ਕਾਬੂ ਕਰ ਲਿਆ ਜਾਵੇਗਾ। ਪਰਿਵਾਰਕ ਮੈਂਬਰਾਂ ਨੇ ਇਨਸਾਫ਼ ਦੀ ਮੰਗ ਕੀਤੀ ਹੈ। ਇਲਾਕੇ ਦੇ ਲੋਕਾਂ ਵਿੱਚ ਰੋਸ ਪਾਇਆ ਜਾ ਰਿਹਾ ਹੈ ਅਤੇ ਪ੍ਰਸ਼ਾਸਨ ਤੋਂ ਸਖ਼ਤ ਕਾਰਵਾਈ ਦੀ ਮੰਗ ਕੀਤੀ ਗਈ ਹੈ। ਅਧਿਕਾਰੀਆਂ ਨੇ ਭਰੋਸਾ ਦਿਵਾਇਆ ਕਿ ਜਾਂਚ ਨਿਰਪੱਖ ਢੰਗ ਨਾਲ ਕੀਤੀ ਜਾਵੇਗੀ ਅਤੇ ਕਿਸੇ ਨੂੰ ਬਖ਼ਸ਼ਿਆ ਨਹੀਂ ਜਾਵੇਗਾ। ਇਸ ਮੌਕੇ ਹੋਰ ਪਤਵੰਤੇ ਸੱਜਣ ਵੀ ਹਾਜ਼ਰ ਸਨ।
ਵਿਸ਼ਵਾਸੀ ਜਸਪ੍ਰੀਤ ਸਿੰਘ ਨੇ ਹਰਿਆਣਾ ਦਿਵਾਲੀਆਂ ਵਿੱਚ ਸ਼ਾਸਨ ਸਭਾ ਪ੍ਰਬੰਧ, ਸਿੱਖ ਵਿਚ ਨੇ ਕੰਮ ਵਿਦਿਆਰਥੀਆਂ ਦਾ ਮਨੋਰੰਜਨ ਦਾ ਵਿਸ਼ੇਸ਼ : ਸਿੱਖ ਦਾ ਸੁਨੇਹਾ ਦੇਣ ਦਿੱਤਾ
ਪੰਜਾਬ ਦਾ ਖ਼ੁਲਾਸਾ
